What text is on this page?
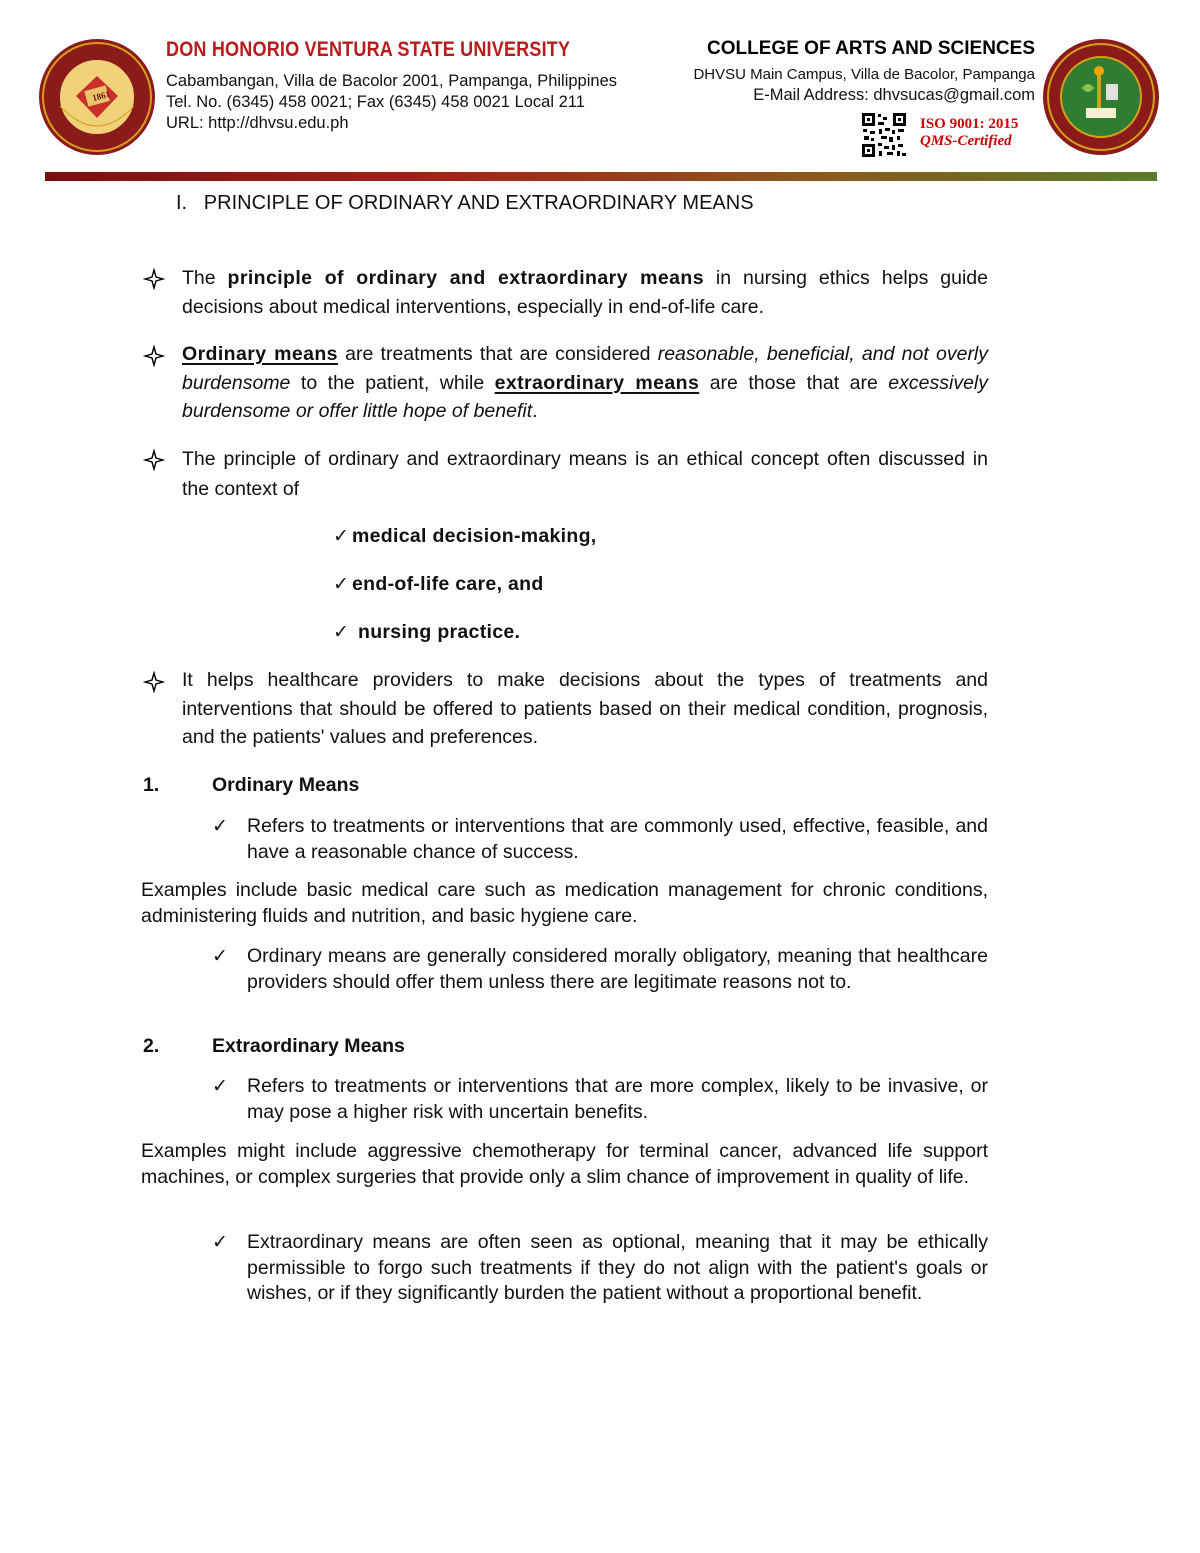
1861
DON HONORIO VENTURA STATE UNIVERSITY
Cabambangan, Villa de Bacolor 2001, Pampanga, Philippines
Tel. No. (6345) 458 0021; Fax (6345) 458 0021 Local 211
URL: http://dhvsu.edu.ph
COLLEGE OF ARTS AND SCIENCES
DHVSU Main Campus, Villa de Bacolor, Pampanga
E-Mail Address: dhvsucas@gmail.com
ISO 9001: 2015
QMS-Certified
I.   PRINCIPLE OF ORDINARY AND EXTRAORDINARY MEANS
The principle of ordinary and extraordinary means in nursing ethics helps guide decisions about medical interventions, especially in end-of-life care.
Ordinary means are treatments that are considered reasonable, beneficial, and not overly burdensome to the patient, while extraordinary means are those that are excessively burdensome or offer little hope of benefit.
The principle of ordinary and extraordinary means is an ethical concept often discussed in the context of
✓ medical decision-making,
✓ end-of-life care, and
✓ nursing practice.
It helps healthcare providers to make decisions about the types of treatments and interventions that should be offered to patients based on their medical condition, prognosis, and the patients' values and preferences.
1.	Ordinary Means
✓ Refers to treatments or interventions that are commonly used, effective, feasible, and have a reasonable chance of success.
Examples include basic medical care such as medication management for chronic conditions, administering fluids and nutrition, and basic hygiene care.
✓ Ordinary means are generally considered morally obligatory, meaning that healthcare providers should offer them unless there are legitimate reasons not to.
2.	Extraordinary Means
✓ Refers to treatments or interventions that are more complex, likely to be invasive, or may pose a higher risk with uncertain benefits.
Examples might include aggressive chemotherapy for terminal cancer, advanced life support machines, or complex surgeries that provide only a slim chance of improvement in quality of life.
✓ Extraordinary means are often seen as optional, meaning that it may be ethically permissible to forgo such treatments if they do not align with the patient's goals or wishes, or if they significantly burden the patient without a proportional benefit.
